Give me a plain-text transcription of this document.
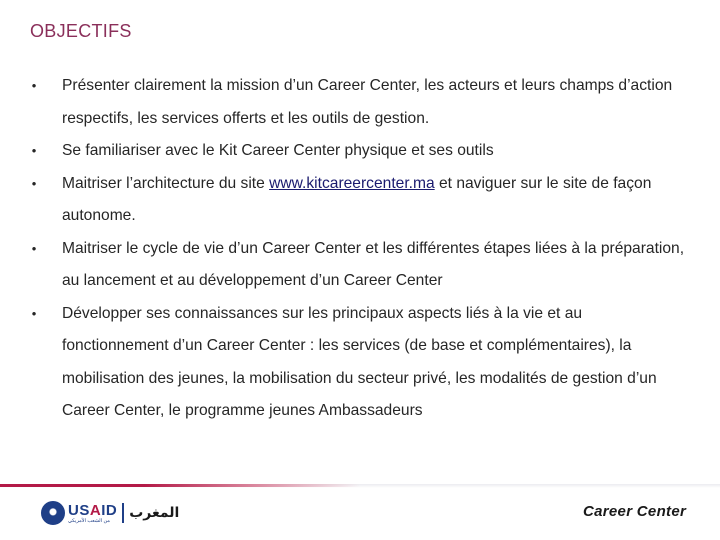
OBJECTIFS
• Présenter clairement la mission d’un Career Center, les acteurs et leurs champs d’action respectifs, les services offerts et les outils de gestion.
• Se familiariser avec le Kit Career Center physique et ses outils
• Maitriser l’architecture du site www.kitcareercenter.ma et naviguer sur le site de façon autonome.
• Maitriser le cycle de vie d’un Career Center et les différentes étapes liées à la préparation, au lancement et au développement d’un Career Center
• Développer ses connaissances sur les principaux aspects liés à la vie et au fonctionnement d’un Career Center : les services (de base et complémentaires), la mobilisation des jeunes, la mobilisation du secteur privé, les modalités de gestion d’un Career Center, le programme jeunes Ambassadeurs
USAID
من الشعب الأمريكي	المغرب	Career Center
